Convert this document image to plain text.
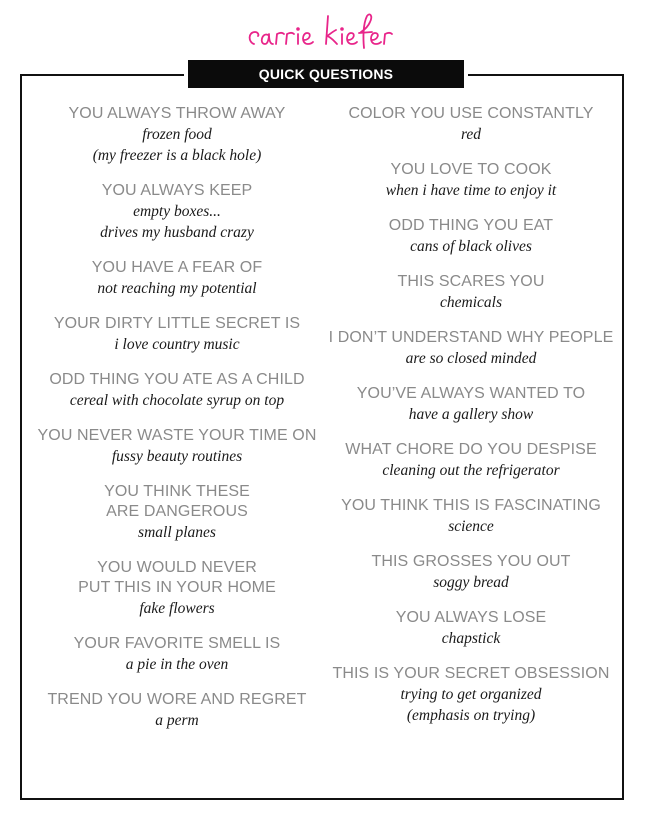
QUICK QUESTIONS
YOU ALWAYS THROW AWAY
frozen food
(my freezer is a black hole)
YOU ALWAYS KEEP
empty boxes...
drives my husband crazy
YOU HAVE A FEAR OF
not reaching my potential
YOUR DIRTY LITTLE SECRET IS
i love country music
ODD THING YOU ATE AS A CHILD
cereal with chocolate syrup on top
YOU NEVER WASTE YOUR TIME ON
fussy beauty routines
YOU THINK THESE
ARE DANGEROUS
small planes
YOU WOULD NEVER
PUT THIS IN YOUR HOME
fake flowers
YOUR FAVORITE SMELL IS
a pie in the oven
TREND YOU WORE AND REGRET
a perm
COLOR YOU USE CONSTANTLY
red
YOU LOVE TO COOK
when i have time to enjoy it
ODD THING YOU EAT
cans of black olives
THIS SCARES YOU
chemicals
I DON’T UNDERSTAND WHY PEOPLE
are so closed minded
YOU’VE ALWAYS WANTED TO
have a gallery show
WHAT CHORE DO YOU DESPISE
cleaning out the refrigerator
YOU THINK THIS IS FASCINATING
science
THIS GROSSES YOU OUT
soggy bread
YOU ALWAYS LOSE
chapstick
THIS IS YOUR SECRET OBSESSION
trying to get organized
(emphasis on trying)
